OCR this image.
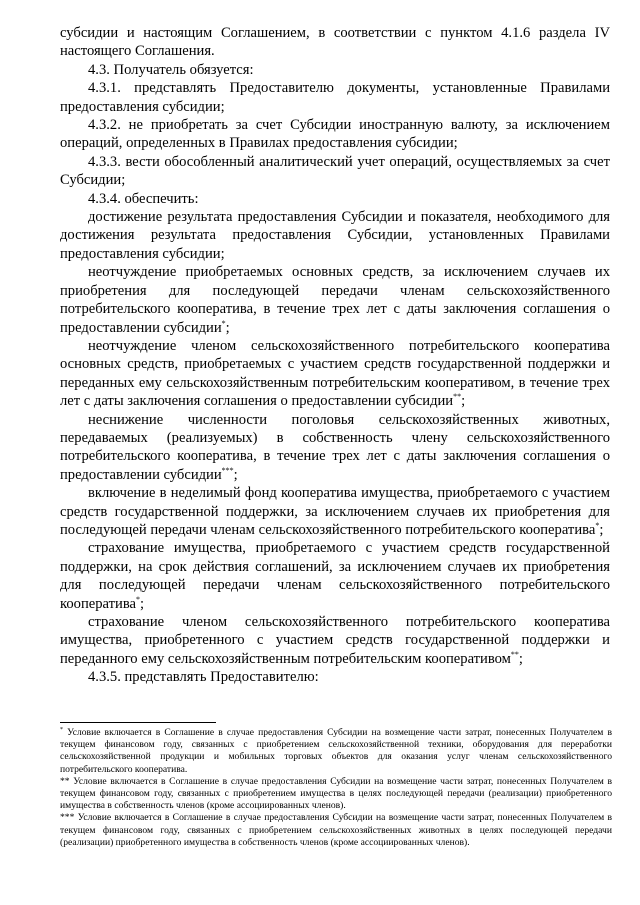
субсидии и настоящим Соглашением, в соответствии с пунктом 4.1.6 раздела IV настоящего Соглашения.

4.3. Получатель обязуется:

4.3.1. представлять Предоставителю документы, установленные Правилами предоставления субсидии;

4.3.2. не приобретать за счет Субсидии иностранную валюту, за исключением операций, определенных в Правилах предоставления субсидии;

4.3.3. вести обособленный аналитический учет операций, осуществляемых за счет Субсидии;

4.3.4. обеспечить:

достижение результата предоставления Субсидии и показателя, необходимого для достижения результата предоставления Субсидии, установленных Правилами предоставления субсидии;

неотчуждение приобретаемых основных средств, за исключением случаев их приобретения для последующей передачи членам сельскохозяйственного потребительского кооператива, в течение трех лет с даты заключения соглашения о предоставлении субсидии*;

неотчуждение членом сельскохозяйственного потребительского кооператива основных средств, приобретаемых с участием средств государственной поддержки и переданных ему сельскохозяйственным потребительским кооперативом, в течение трех лет с даты заключения соглашения о предоставлении субсидии**;

неснижение численности поголовья сельскохозяйственных животных, передаваемых (реализуемых) в собственность члену сельскохозяйственного потребительского кооператива, в течение трех лет с даты заключения соглашения о предоставлении субсидии***;

включение в неделимый фонд кооператива имущества, приобретаемого с участием средств государственной поддержки, за исключением случаев их приобретения для последующей передачи членам сельскохозяйственного потребительского кооператива*;

страхование имущества, приобретаемого с участием средств государственной поддержки, на срок действия соглашений, за исключением случаев их приобретения для последующей передачи членам сельскохозяйственного потребительского кооператива*;

страхование членом сельскохозяйственного потребительского кооператива имущества, приобретенного с участием средств государственной поддержки и переданного ему сельскохозяйственным потребительским кооперативом**;

4.3.5. представлять Предоставителю:

* Условие включается в Соглашение в случае предоставления Субсидии на возмещение части затрат, понесенных Получателем в текущем финансовом году, связанных с приобретением сельскохозяйственной техники, оборудования для переработки сельскохозяйственной продукции и мобильных торговых объектов для оказания услуг членам сельскохозяйственного потребительского кооператива.

** Условие включается в Соглашение в случае предоставления Субсидии на возмещение части затрат, понесенных Получателем в текущем финансовом году, связанных с приобретением имущества в целях последующей передачи (реализации) приобретенного имущества в собственность членов (кроме ассоциированных членов).

*** Условие включается в Соглашение в случае предоставления Субсидии на возмещение части затрат, понесенных Получателем в текущем финансовом году, связанных с приобретением сельскохозяйственных животных в целях последующей передачи (реализации) приобретенного имущества в собственность членов (кроме ассоциированных членов).
